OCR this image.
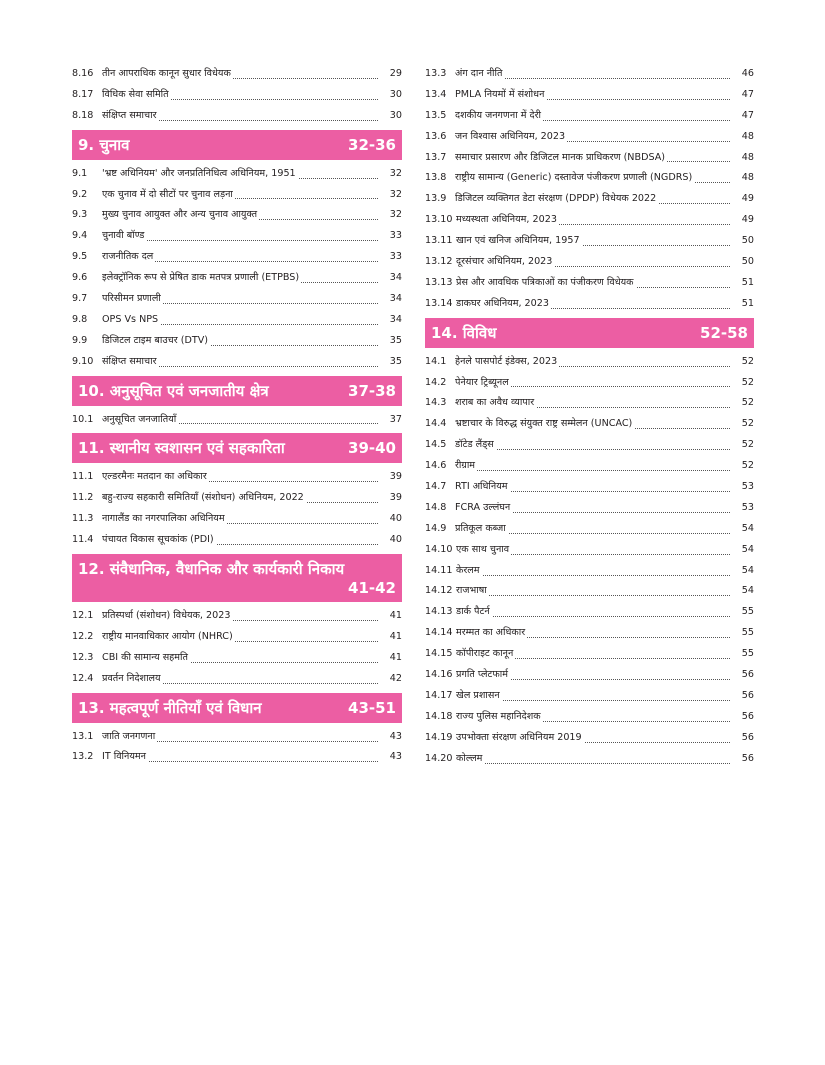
8.16 तीन आपराधिक कानून सुधार विधेयक	29
8.17 विधिक सेवा समिति	30
8.18 संक्षिप्त समाचार	30
9. चुनाव	32-36
9.1 'भ्रष्ट अधिनियम' और जनप्रतिनिधित्व अधिनियम, 1951	32
9.2 एक चुनाव में दो सीटों पर चुनाव लड़ना	32
9.3 मुख्य चुनाव आयुक्त और अन्य चुनाव आयुक्त	32
9.4 चुनावी बॉण्ड	33
9.5 राजनीतिक दल	33
9.6 इलेक्ट्रॉनिक रूप से प्रेषित डाक मतपत्र प्रणाली (ETPBS)	34
9.7 परिसीमन प्रणाली	34
9.8 OPS Vs NPS	34
9.9 डिजिटल टाइम बाउचर (DTV)	35
9.10 संक्षिप्त समाचार	35
10. अनुसूचित एवं जनजातीय क्षेत्र	37-38
10.1 अनुसूचित जनजातियाँ	37
11. स्थानीय स्वशासन एवं सहकारिता	39-40
11.1 एल्डरमैनः मतदान का अधिकार	39
11.2 बहु-राज्य सहकारी समितियाँ (संशोधन) अधिनियम, 2022	39
11.3 नागालैंड का नगरपालिका अधिनियम	40
11.4 पंचायत विकास सूचकांक (PDI)	40
12. संवैधानिक, वैधानिक और कार्यकारी निकाय
41-42
12.1 प्रतिस्पर्धा (संशोधन) विधेयक, 2023	41
12.2 राष्ट्रीय मानवाधिकार आयोग (NHRC)	41
12.3 CBI की सामान्य सहमति	41
12.4 प्रवर्तन निदेशालय	42
13. महत्वपूर्ण नीतियाँ एवं विधान	43-51
13.1 जाति जनगणना	43
13.2 IT विनियमन	43
13.3 अंग दान नीति	46
13.4 PMLA नियमों में संशोधन	47
13.5 दशकीय जनगणना में देरी	47
13.6 जन विश्वास अधिनियम, 2023	48
13.7 समाचार प्रसारण और डिजिटल मानक प्राधिकरण (NBDSA)	48
13.8 राष्ट्रीय सामान्य (Generic) दस्तावेज पंजीकरण प्रणाली (NGDRS)	48
13.9 डिजिटल व्यक्तिगत डेटा संरक्षण (DPDP) विधेयक 2022	49
13.10 मध्यस्थता अधिनियम, 2023	49
13.11 खान एवं खनिज अधिनियम, 1957	50
13.12 दूरसंचार अधिनियम, 2023	50
13.13 प्रेस और आवधिक पत्रिकाओं का पंजीकरण विधेयक	51
13.14 डाकघर अधिनियम, 2023	51
14. विविध	52-58
14.1 हेनले पासपोर्ट इंडेक्स, 2023	52
14.2 पेनेयार ट्रिब्यूनल	52
14.3 शराब का अवैध व्यापार	52
14.4 भ्रष्टाचार के विरुद्ध संयुक्त राष्ट्र सम्मेलन (UNCAC)	52
14.5 डॉटेड लैंड्स	52
14.6 रीग्राम	52
14.7 RTI अधिनियम	53
14.8 FCRA उल्लंघन	53
14.9 प्रतिकूल कब्जा	54
14.10 एक साथ चुनाव	54
14.11 केरलम	54
14.12 राजभाषा	54
14.13 डार्क पैटर्न	55
14.14 मरम्मत का अधिकार	55
14.15 कॉपीराइट कानून	55
14.16 प्रगति प्लेटफार्म	56
14.17 खेल प्रशासन	56
14.18 राज्य पुलिस महानिदेशक	56
14.19 उपभोक्ता संरक्षण अधिनियम 2019	56
14.20 कोल्लम	56
